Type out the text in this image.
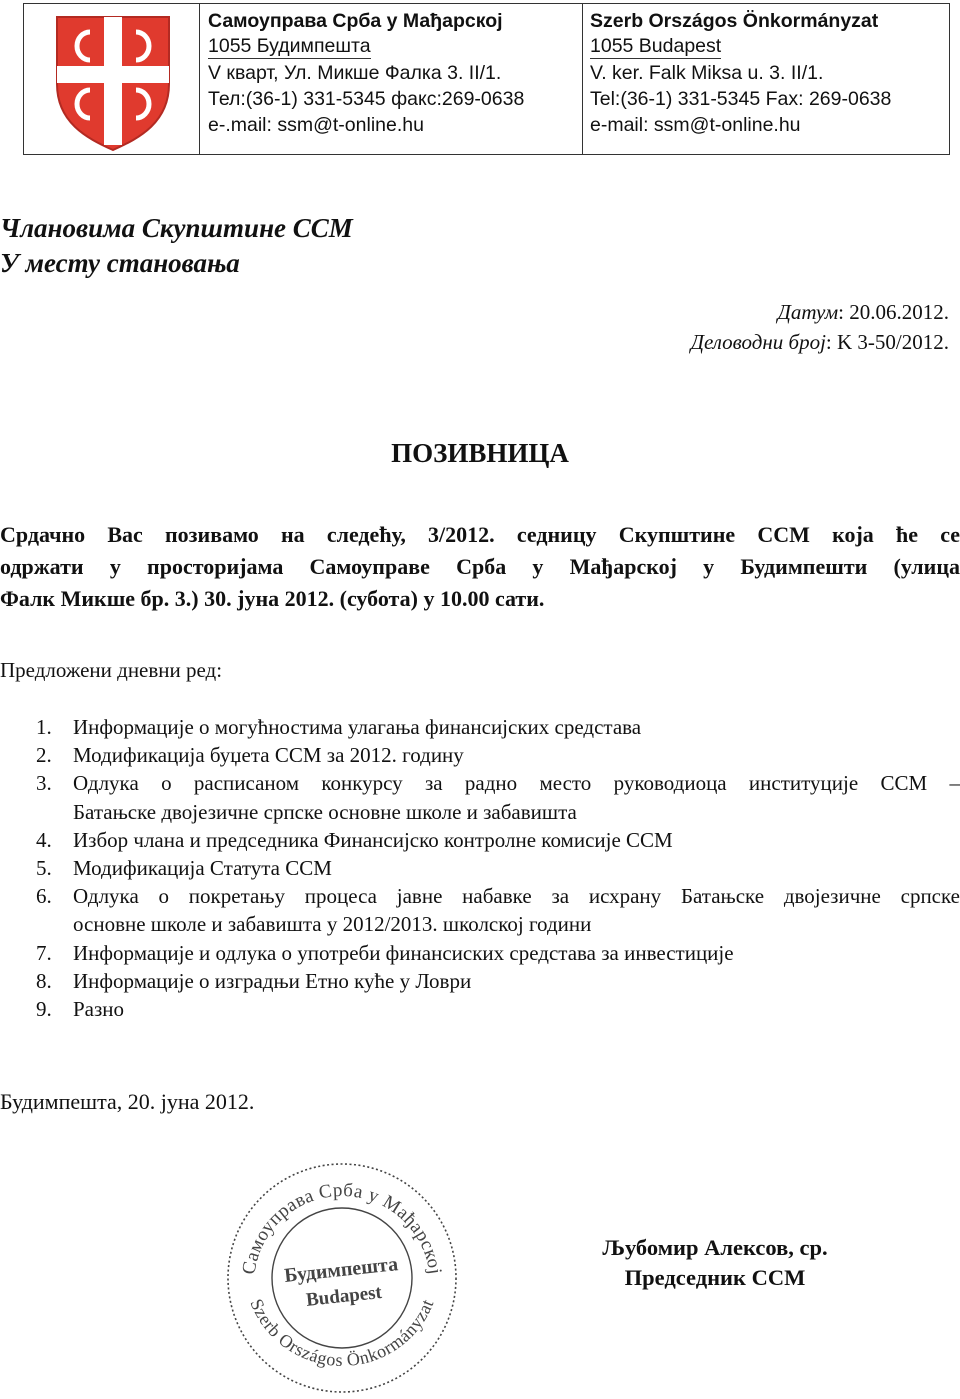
Самоуправа Срба у Мађарској
1055 Будимпешта
V кварт, Ул. Микше Фалка 3. II/1.
Тел:(36-1) 331-5345 факс:269-0638
e-.mail: ssm@t-online.hu
Szerb Országos Önkormányzat
1055 Budapest
V. ker. Falk Miksa u. 3. II/1.
Tel:(36-1) 331-5345 Fax: 269-0638
e-mail: ssm@t-online.hu
Члановима Скупштине ССМ
У месту становања
Датум: 20.06.2012.
Деловодни број: K 3-50/2012.
ПОЗИВНИЦА
Срдачно Вас позивамо на следећу, 3/2012. седницу Скупштине ССМ која ће се
одржати у просторијама Самоуправе Срба у Мађарској у Будимпешти (улица
Фалк Микше бр. 3.) 30. јуна 2012. (субота) у 10.00 сати.
Предложени дневни ред:
1. Информације о могућностима улагања финансијских средстава
2. Модификација буџета ССМ за 2012. годину
3. Одлука о расписаном конкурсу за радно место руководиоца институције ССМ –
Батањске двојезичне српске основне школе и забавишта
4. Избор члана и председника Финансијско контролне комисије ССМ
5. Модификација Статута ССМ
6. Одлука о покретању процеса јавне набавке за исхрану Батањске двојезичне српске
основне школе и забавишта у 2012/2013. школској години
7. Информације и одлука о употреби финансиских средстава за инвестиције
8. Информације о изградњи Етно куће у Ловри
9. Разно
Будимпешта, 20. јуна 2012.
Самоуправа Срба у Мађарској
Szerb Országos Önkormányzat
Будимпешта
Budapest
Љубомир Алексов, ср.
Председник ССМ
